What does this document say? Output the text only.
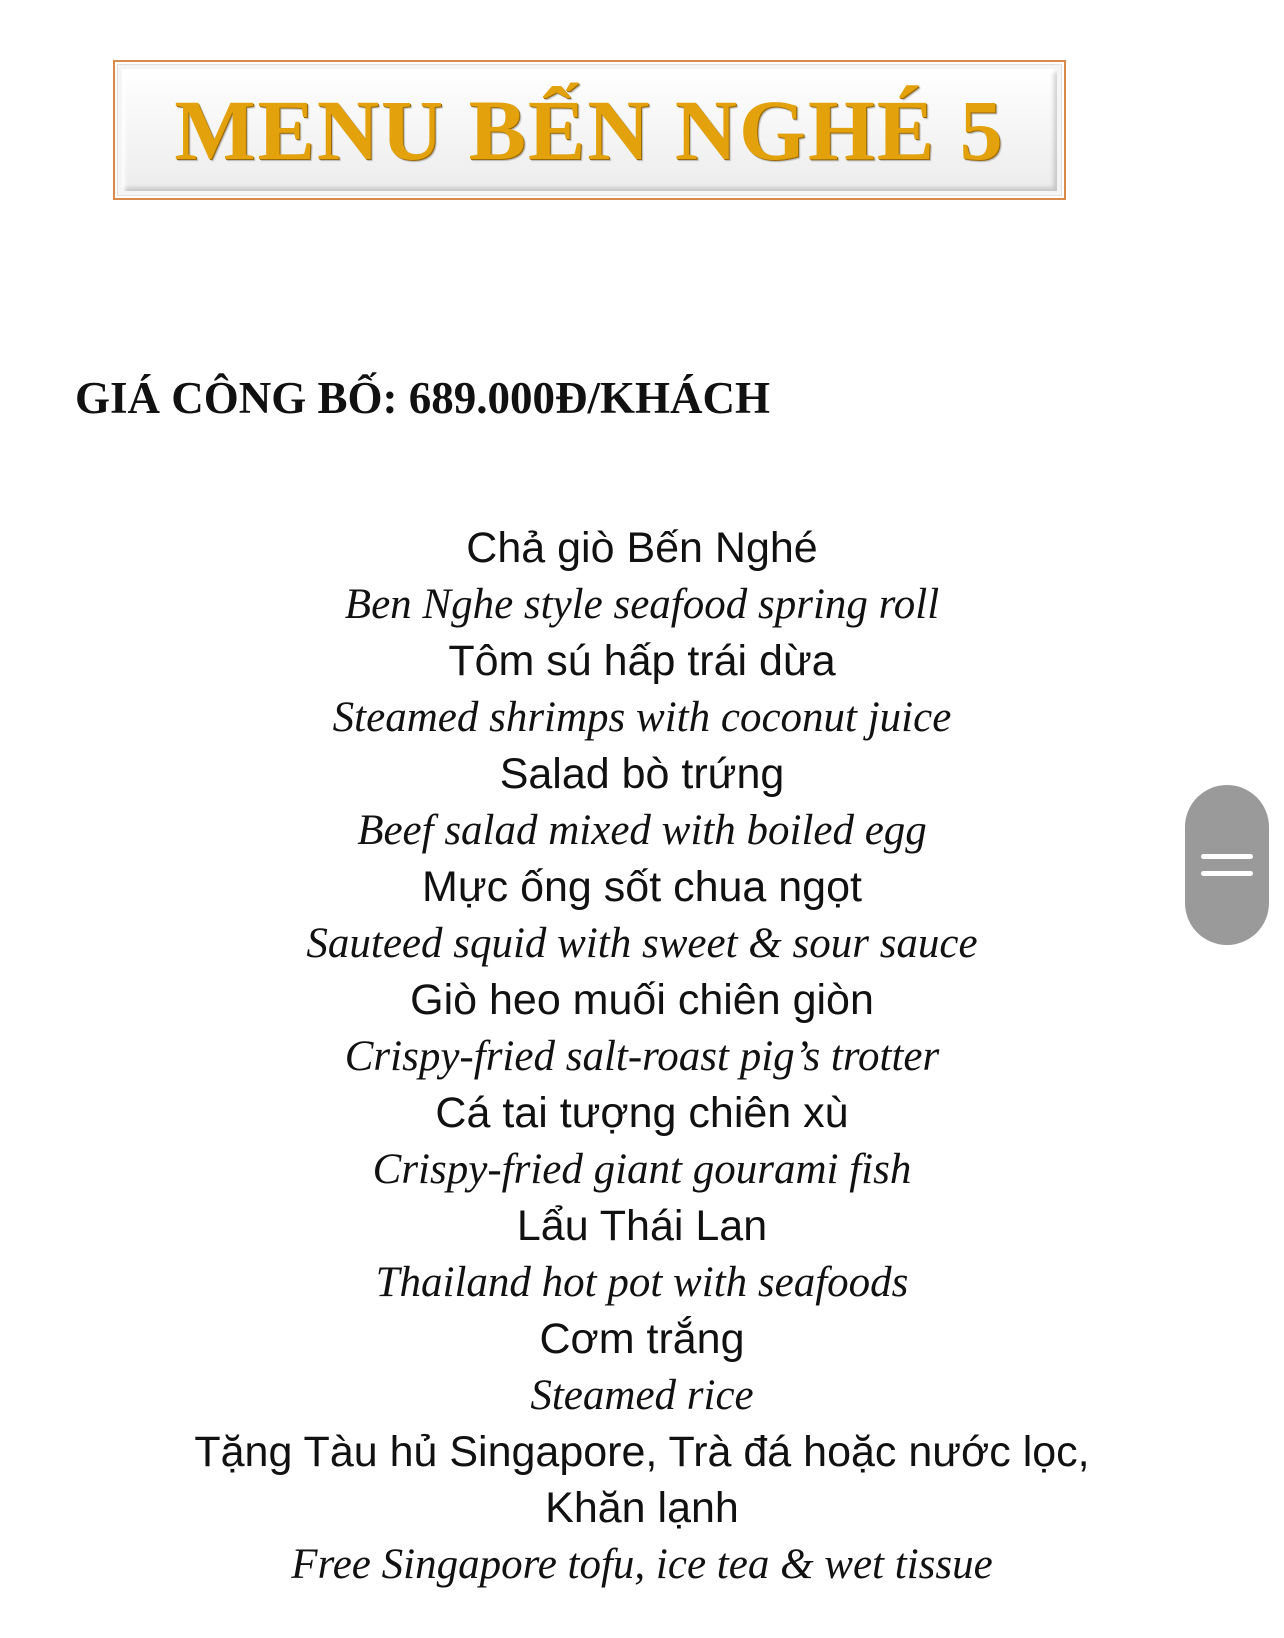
MENU BẾN NGHÉ 5
GIÁ CÔNG BỐ: 689.000Đ/KHÁCH
Chả giò Bến Nghé
Ben Nghe style seafood spring roll
Tôm sú hấp trái dừa
Steamed shrimps with coconut juice
Salad bò trứng
Beef salad mixed with boiled egg
Mực ống sốt chua ngọt
Sauteed squid with sweet & sour sauce
Giò heo muối chiên giòn
Crispy-fried salt-roast pig’s trotter
Cá tai tượng chiên xù
Crispy-fried giant gourami fish
Lẩu Thái Lan
Thailand hot pot with seafoods
Cơm trắng
Steamed rice
Tặng Tàu hủ Singapore, Trà đá hoặc nước lọc,
Khăn lạnh
Free Singapore tofu, ice tea & wet tissue
